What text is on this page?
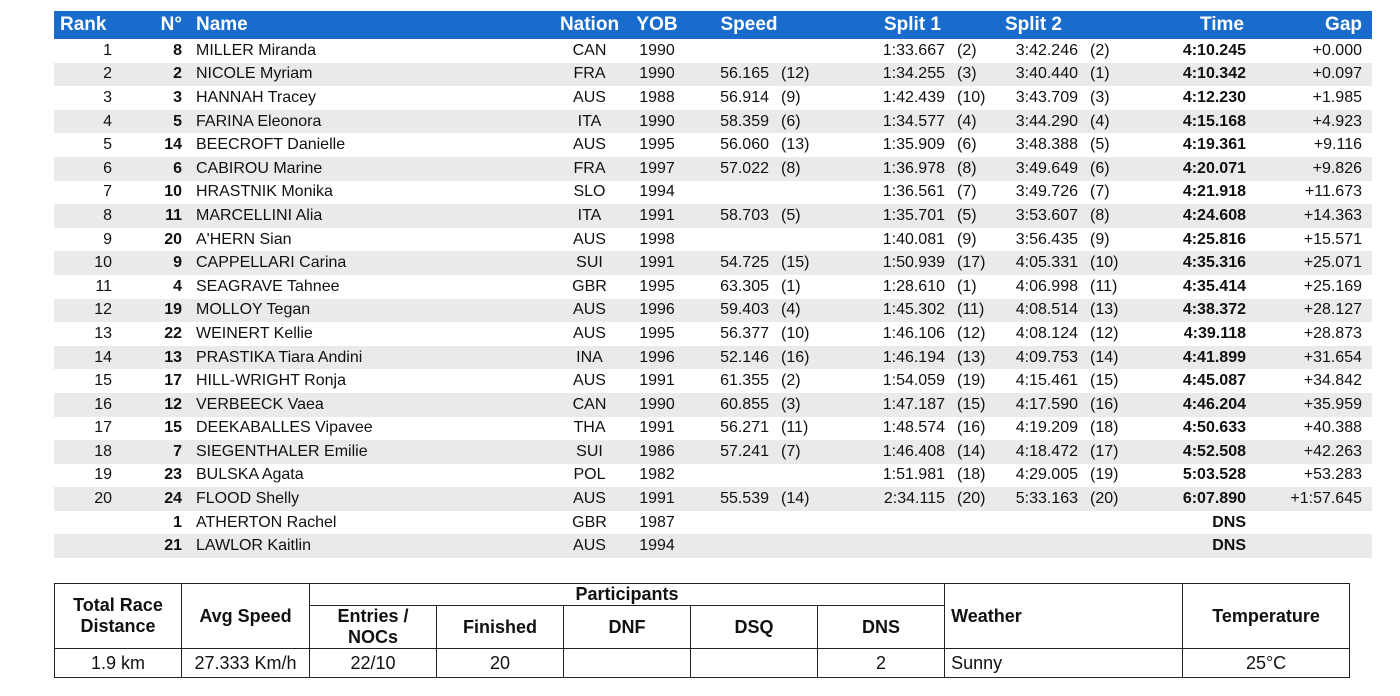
Rank	N°	Name	Nation	YOB	Speed		Split 1		Split 2		Time	Gap
1	8	MILLER Miranda	CAN	1990			1:33.667	(2)	3:42.246	(2)	4:10.245	+0.000
2	2	NICOLE Myriam	FRA	1990	56.165	(12)	1:34.255	(3)	3:40.440	(1)	4:10.342	+0.097
3	3	HANNAH Tracey	AUS	1988	56.914	(9)	1:42.439	(10)	3:43.709	(3)	4:12.230	+1.985
4	5	FARINA Eleonora	ITA	1990	58.359	(6)	1:34.577	(4)	3:44.290	(4)	4:15.168	+4.923
5	14	BEECROFT Danielle	AUS	1995	56.060	(13)	1:35.909	(6)	3:48.388	(5)	4:19.361	+9.116
6	6	CABIROU Marine	FRA	1997	57.022	(8)	1:36.978	(8)	3:49.649	(6)	4:20.071	+9.826
7	10	HRASTNIK Monika	SLO	1994			1:36.561	(7)	3:49.726	(7)	4:21.918	+11.673
8	11	MARCELLINI Alia	ITA	1991	58.703	(5)	1:35.701	(5)	3:53.607	(8)	4:24.608	+14.363
9	20	A'HERN Sian	AUS	1998			1:40.081	(9)	3:56.435	(9)	4:25.816	+15.571
10	9	CAPPELLARI Carina	SUI	1991	54.725	(15)	1:50.939	(17)	4:05.331	(10)	4:35.316	+25.071
11	4	SEAGRAVE Tahnee	GBR	1995	63.305	(1)	1:28.610	(1)	4:06.998	(11)	4:35.414	+25.169
12	19	MOLLOY Tegan	AUS	1996	59.403	(4)	1:45.302	(11)	4:08.514	(13)	4:38.372	+28.127
13	22	WEINERT Kellie	AUS	1995	56.377	(10)	1:46.106	(12)	4:08.124	(12)	4:39.118	+28.873
14	13	PRASTIKA Tiara Andini	INA	1996	52.146	(16)	1:46.194	(13)	4:09.753	(14)	4:41.899	+31.654
15	17	HILL-WRIGHT Ronja	AUS	1991	61.355	(2)	1:54.059	(19)	4:15.461	(15)	4:45.087	+34.842
16	12	VERBEECK Vaea	CAN	1990	60.855	(3)	1:47.187	(15)	4:17.590	(16)	4:46.204	+35.959
17	15	DEEKABALLES Vipavee	THA	1991	56.271	(11)	1:48.574	(16)	4:19.209	(18)	4:50.633	+40.388
18	7	SIEGENTHALER Emilie	SUI	1986	57.241	(7)	1:46.408	(14)	4:18.472	(17)	4:52.508	+42.263
19	23	BULSKA Agata	POL	1982			1:51.981	(18)	4:29.005	(19)	5:03.528	+53.283
20	24	FLOOD Shelly	AUS	1991	55.539	(14)	2:34.115	(20)	5:33.163	(20)	6:07.890	+1:57.645
	1	ATHERTON Rachel	GBR	1987							DNS	
	21	LAWLOR Kaitlin	AUS	1994							DNS	
Total Race Distance	Avg Speed	Participants					Weather	Temperature
		Entries / NOCs	Finished	DNF	DSQ	DNS		
1.9 km	27.333 Km/h	22/10	20			2	Sunny	25°C
